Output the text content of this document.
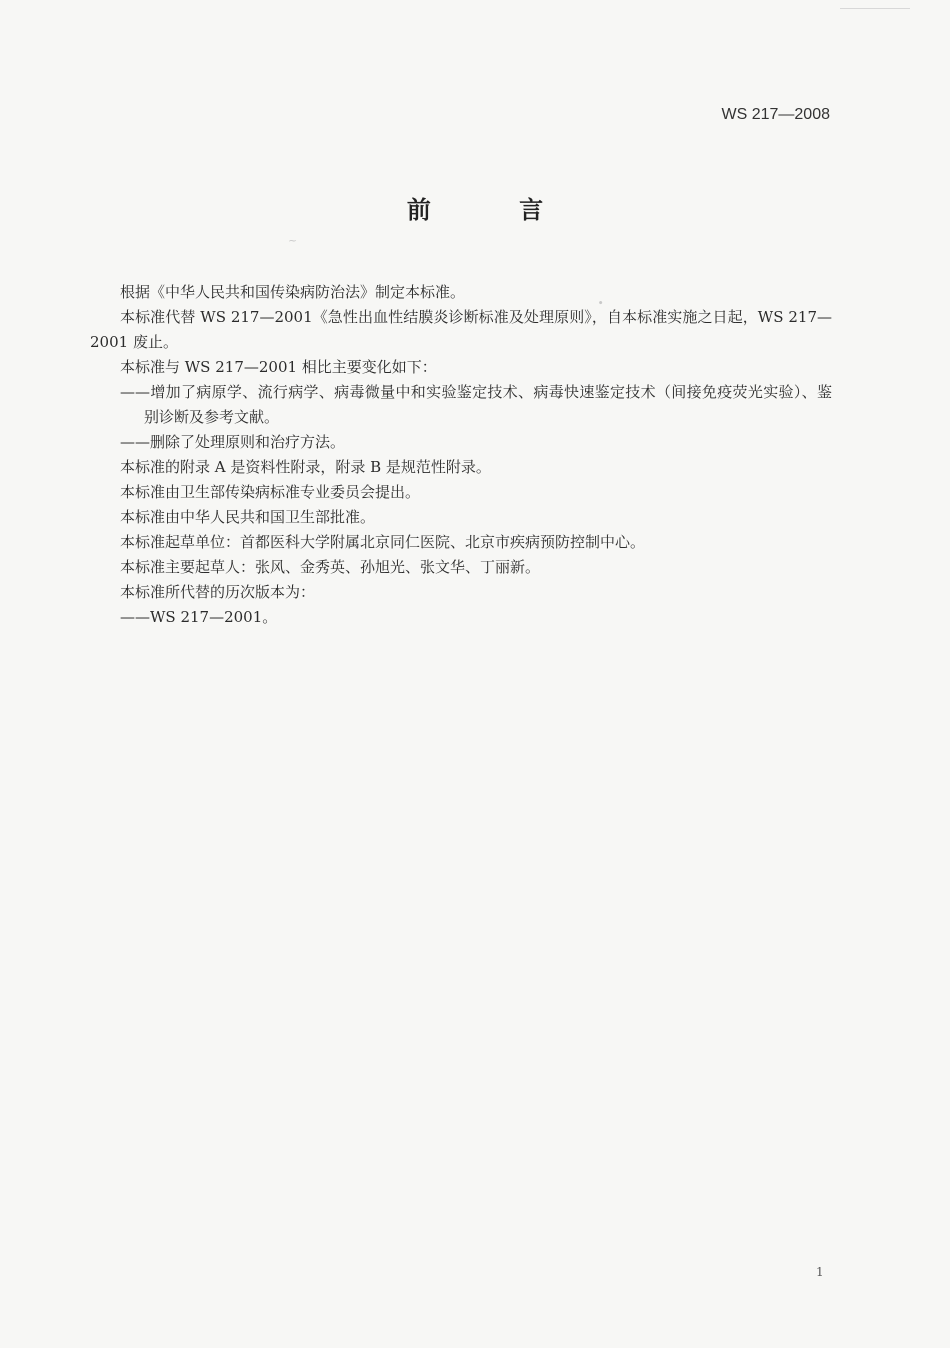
~
∙
WS 217—2008
前 言

根据《中华人民共和国传染病防治法》制定本标准。

本标准代替 WS 217—2001《急性出血性结膜炎诊断标准及处理原则》，自本标准实施之日起，WS 217—2001 废止。

本标准与 WS 217—2001 相比主要变化如下：

——增加了病原学、流行病学、病毒微量中和实验鉴定技术、病毒快速鉴定技术（间接免疫荧光实验）、鉴别诊断及参考文献。

——删除了处理原则和治疗方法。

本标准的附录 A 是资料性附录，附录 B 是规范性附录。

本标准由卫生部传染病标准专业委员会提出。

本标准由中华人民共和国卫生部批准。

本标准起草单位：首都医科大学附属北京同仁医院、北京市疾病预防控制中心。

本标准主要起草人：张风、金秀英、孙旭光、张文华、丁丽新。

本标准所代替的历次版本为：

——WS 217—2001。

1
